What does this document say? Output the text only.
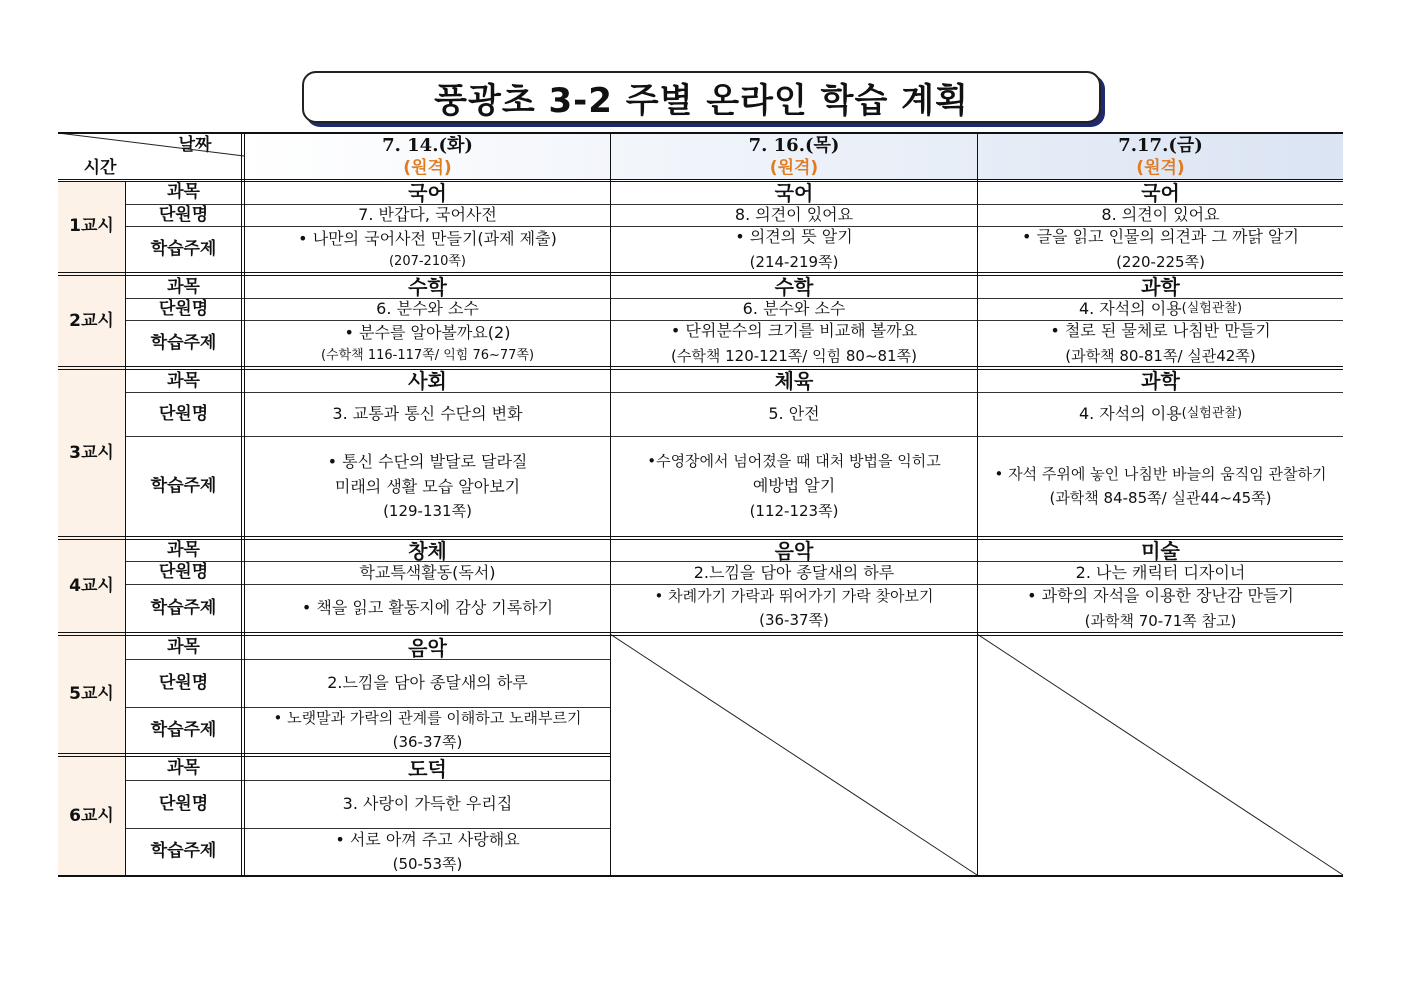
풍광초 3-2 주별 온라인 학습 계획
날짜
시간
7. 14.(화)
(원격)
7. 16.(목)
(원격)
7.17.(금)
(원격)
1교시
과목
단원명
학습주제
국어
7. 반갑다, 국어사전
• 나만의 국어사전 만들기(과제 제출)
(207-210쪽)
국어
8. 의견이 있어요
• 의견의 뜻 알기
(214-219쪽)
국어
8. 의견이 있어요
• 글을 읽고 인물의 의견과 그 까닭 알기
(220-225쪽)
2교시
과목
단원명
학습주제
수학
6. 분수와 소수
• 분수를 알아볼까요(2)
(수학책 116-117쪽/ 익힘 76~77쪽)
수학
6. 분수와 소수
• 단위분수의 크기를 비교해 볼까요
(수학책 120-121쪽/ 익힘 80~81쪽)
과학
4. 자석의 이용 (실험관찰)
• 철로 된 물체로 나침반 만들기
(과학책 80-81쪽/ 실관42쪽)
3교시
과목
단원명
학습주제
사회
3. 교통과 통신 수단의 변화
• 통신 수단의 발달로 달라질
미래의 생활 모습 알아보기
(129-131쪽)
체육
5. 안전
•수영장에서 넘어졌을 때 대처 방법을 익히고
예방법 알기
(112-123쪽)
과학
4. 자석의 이용 (실험관찰)
• 자석 주위에 놓인 나침반 바늘의 움직임 관찰하기
(과학책 84-85쪽/ 실관44~45쪽)
4교시
과목
단원명
학습주제
창체
학교특색활동(독서)
• 책을 읽고 활동지에 감상 기록하기
음악
2.느낌을 담아 종달새의 하루
• 차례가기 가락과 뛰어가기 가락 찾아보기
(36-37쪽)
미술
2. 나는 캐릭터 디자이너
• 과학의 자석을 이용한 장난감 만들기
(과학책 70-71쪽 참고)
5교시
과목
단원명
학습주제
음악
2.느낌을 담아 종달새의 하루
• 노랫말과 가락의 관계를 이해하고 노래부르기
(36-37쪽)
6교시
과목
단원명
학습주제
도덕
3. 사랑이 가득한 우리집
• 서로 아껴 주고 사랑해요
(50-53쪽)
